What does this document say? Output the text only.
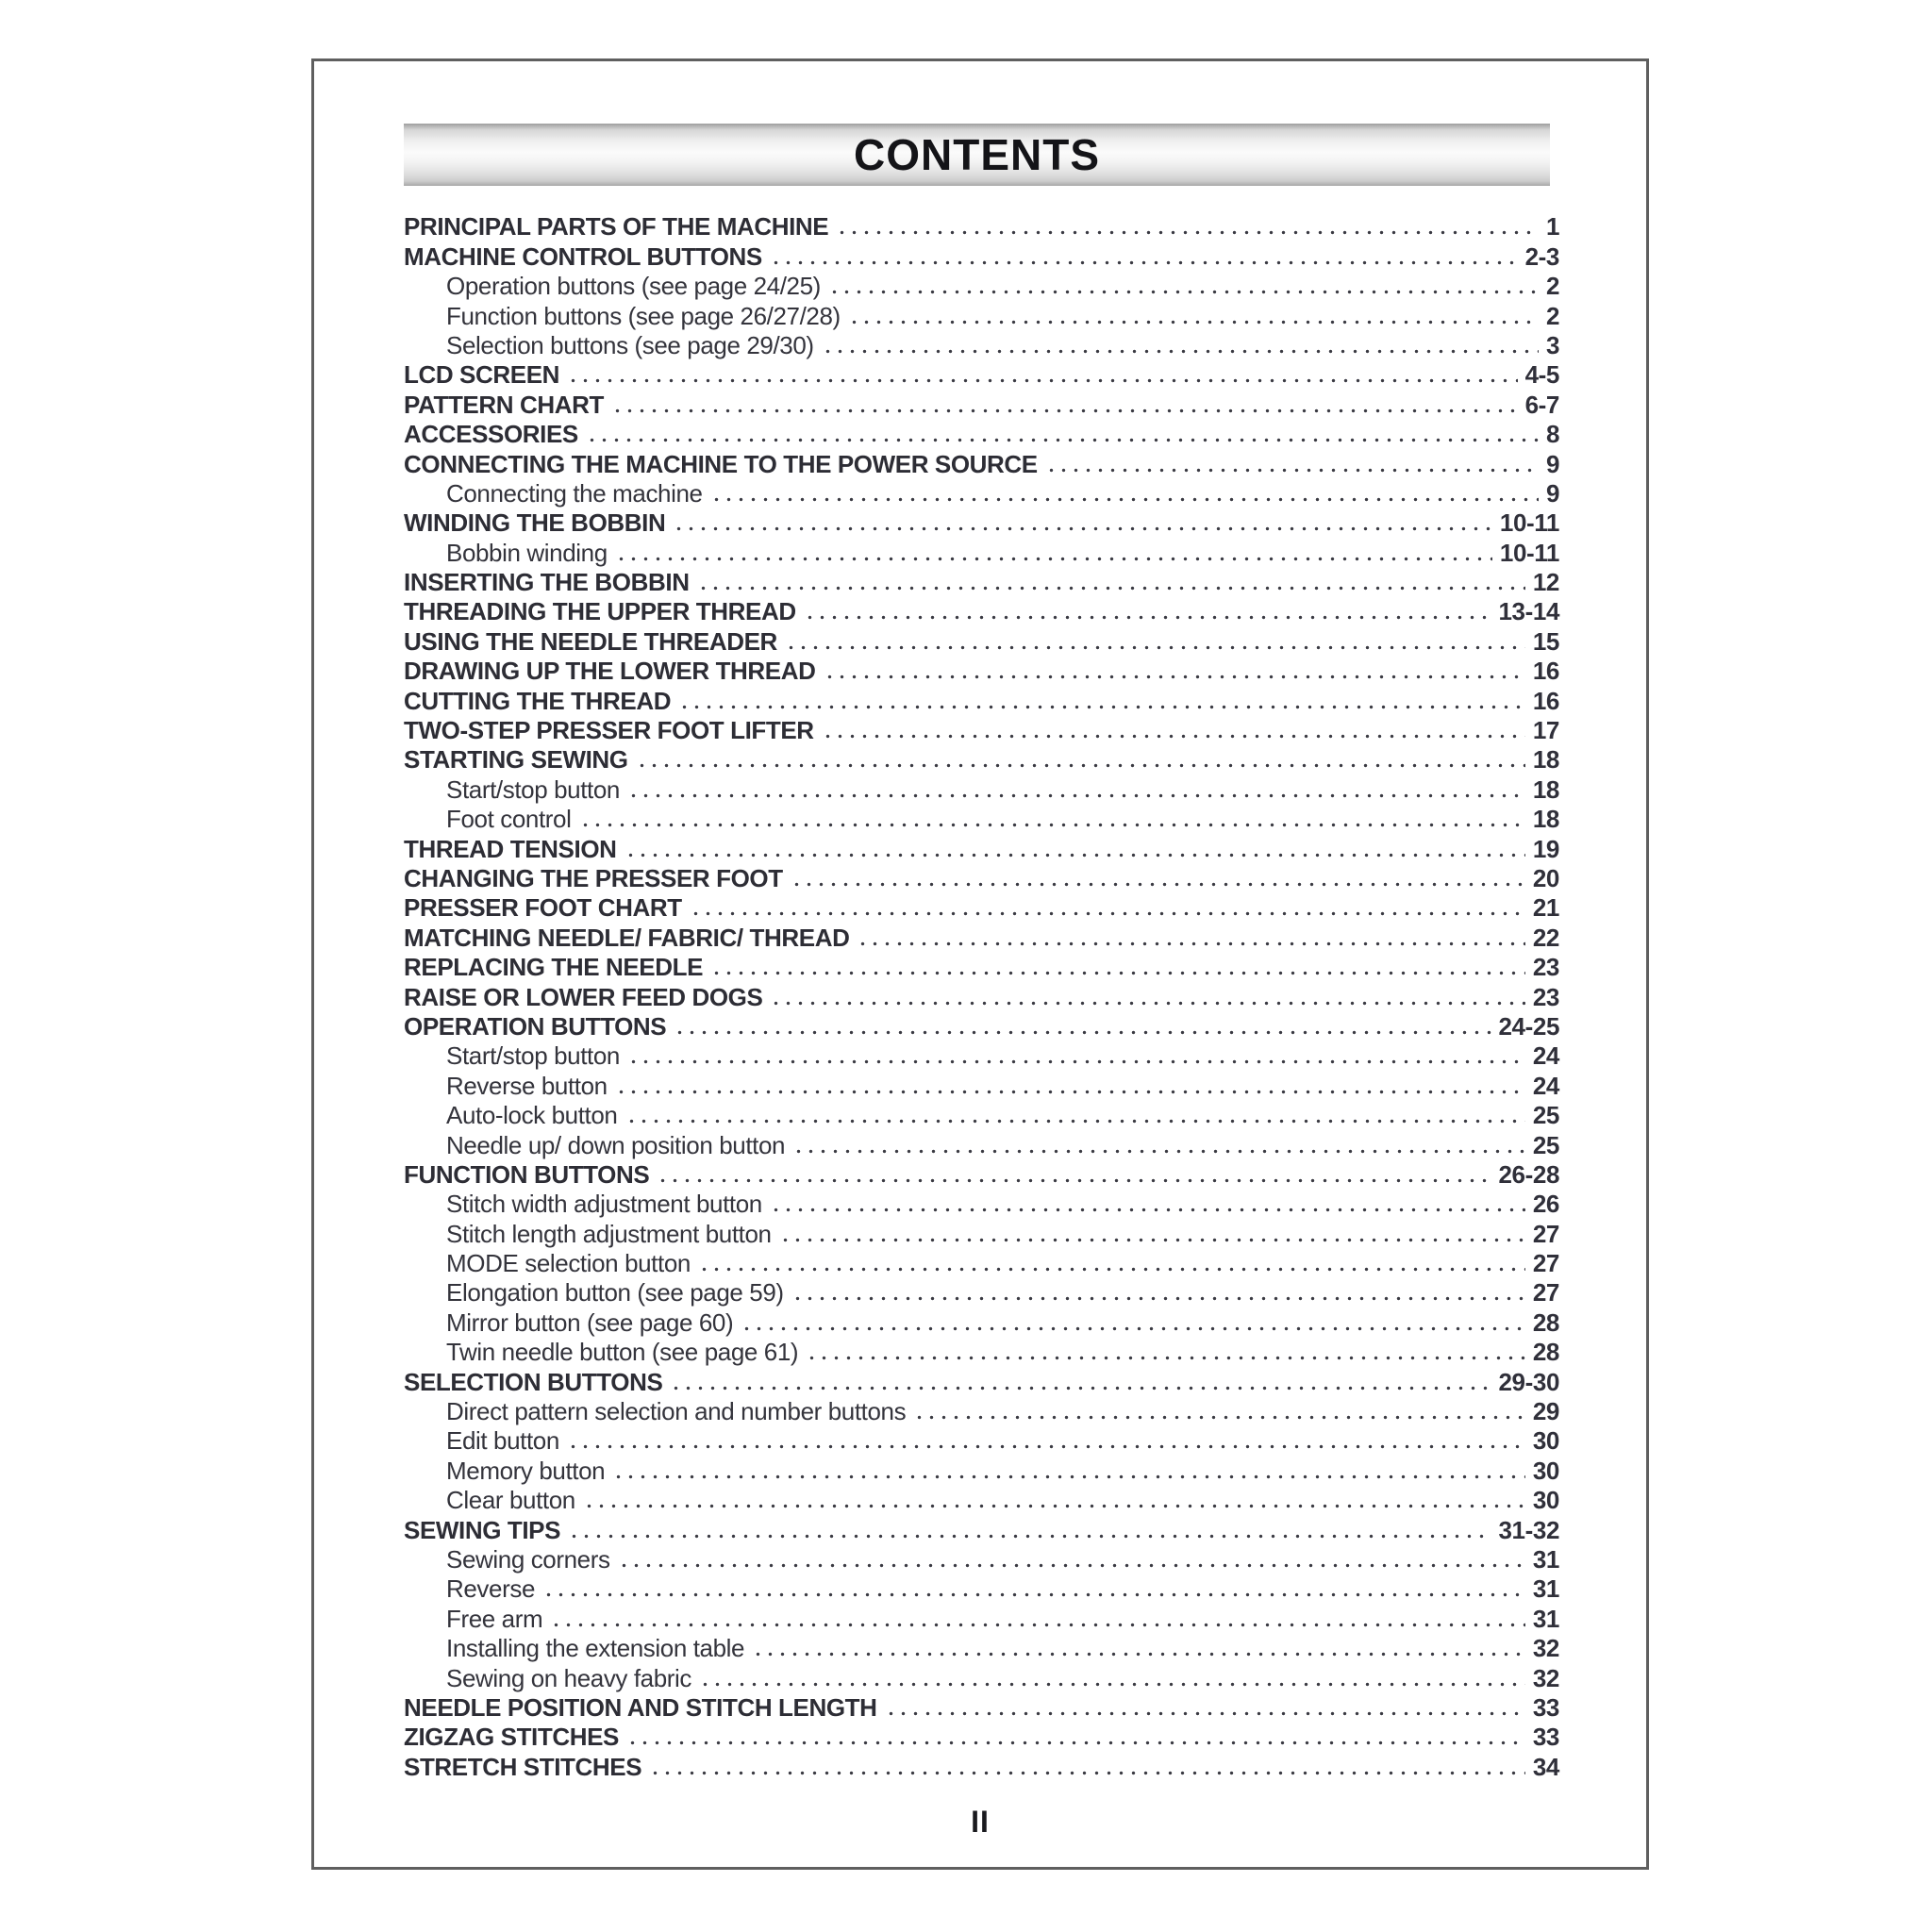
CONTENTS
PRINCIPAL PARTS OF THE MACHINE	1
MACHINE CONTROL BUTTONS	2-3
Operation buttons (see page 24/25)	2
Function buttons (see page 26/27/28)	2
Selection buttons (see page 29/30)	3
LCD SCREEN	4-5
PATTERN CHART	6-7
ACCESSORIES	8
CONNECTING THE MACHINE TO THE POWER SOURCE	9
Connecting the machine	9
WINDING THE BOBBIN	10-11
Bobbin winding	10-11
INSERTING THE BOBBIN	12
THREADING THE UPPER THREAD	13-14
USING THE NEEDLE THREADER	15
DRAWING UP THE LOWER THREAD	16
CUTTING THE THREAD	16
TWO-STEP PRESSER FOOT LIFTER	17
STARTING SEWING	18
Start/stop button	18
Foot control	18
THREAD TENSION	19
CHANGING THE PRESSER FOOT	20
PRESSER FOOT CHART	21
MATCHING NEEDLE/ FABRIC/ THREAD	22
REPLACING THE NEEDLE	23
RAISE OR LOWER FEED DOGS	23
OPERATION BUTTONS	24-25
Start/stop button	24
Reverse button	24
Auto-lock button	25
Needle up/ down position button	25
FUNCTION BUTTONS	26-28
Stitch width adjustment button	26
Stitch length adjustment button	27
MODE selection button	27
Elongation button (see page 59)	27
Mirror button (see page 60)	28
Twin needle button (see page 61)	28
SELECTION BUTTONS	29-30
Direct pattern selection and number buttons	29
Edit button	30
Memory button	30
Clear button	30
SEWING TIPS	31-32
Sewing corners	31
Reverse	31
Free arm	31
Installing the extension table	32
Sewing on heavy fabric	32
NEEDLE POSITION AND STITCH LENGTH	33
ZIGZAG STITCHES	33
STRETCH STITCHES	34
II
